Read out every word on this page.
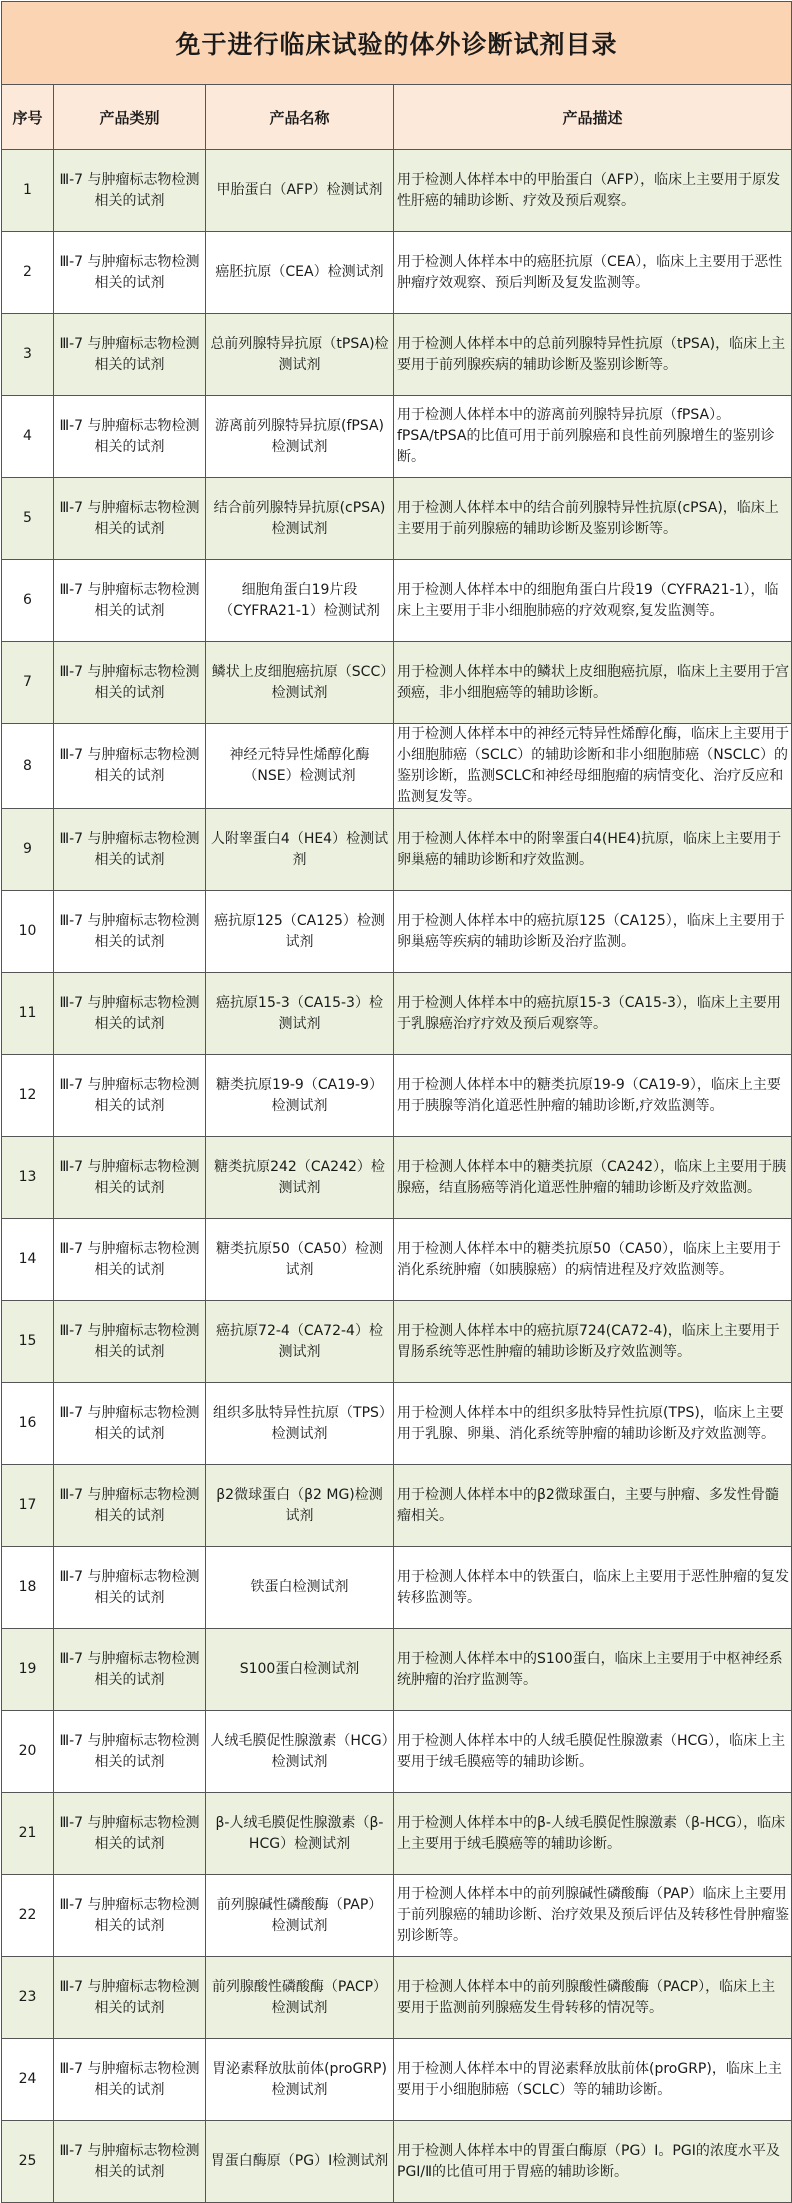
免于进行临床试验的体外诊断试剂目录			
序号	产品类别	产品名称	产品描述
1	Ⅲ-7 与肿瘤标志物检测相关的试剂	甲胎蛋白（AFP）检测试剂	用于检测人体样本中的甲胎蛋白（AFP），临床上主要用于原发性肝癌的辅助诊断、疗效及预后观察。
2	Ⅲ-7 与肿瘤标志物检测相关的试剂	癌胚抗原（CEA）检测试剂	用于检测人体样本中的癌胚抗原（CEA），临床上主要用于恶性肿瘤疗效观察、预后判断及复发监测等。
3	Ⅲ-7 与肿瘤标志物检测相关的试剂	总前列腺特异抗原（tPSA)检测试剂	用于检测人体样本中的总前列腺特异性抗原（tPSA)，临床上主要用于前列腺疾病的辅助诊断及鉴别诊断等。
4	Ⅲ-7 与肿瘤标志物检测相关的试剂	游离前列腺特异抗原(fPSA)检测试剂	用于检测人体样本中的游离前列腺特异抗原（fPSA）。fPSA/tPSA的比值可用于前列腺癌和良性前列腺增生的鉴别诊断。
5	Ⅲ-7 与肿瘤标志物检测相关的试剂	结合前列腺特异抗原(cPSA)检测试剂	用于检测人体样本中的结合前列腺特异性抗原(cPSA)，临床上主要用于前列腺癌的辅助诊断及鉴别诊断等。
6	Ⅲ-7 与肿瘤标志物检测相关的试剂	细胞角蛋白19片段（CYFRA21-1）检测试剂	用于检测人体样本中的细胞角蛋白片段19（CYFRA21-1），临床上主要用于非小细胞肺癌的疗效观察,复发监测等。
7	Ⅲ-7 与肿瘤标志物检测相关的试剂	鳞状上皮细胞癌抗原（SCC）检测试剂	用于检测人体样本中的鳞状上皮细胞癌抗原，临床上主要用于宫颈癌，非小细胞癌等的辅助诊断。
8	Ⅲ-7 与肿瘤标志物检测相关的试剂	神经元特异性烯醇化酶（NSE）检测试剂	用于检测人体样本中的神经元特异性烯醇化酶，临床上主要用于小细胞肺癌（SCLC）的辅助诊断和非小细胞肺癌（NSCLC）的鉴别诊断，监测SCLC和神经母细胞瘤的病情变化、治疗反应和监测复发等。
9	Ⅲ-7 与肿瘤标志物检测相关的试剂	人附睾蛋白4（HE4）检测试剂	用于检测人体样本中的附睾蛋白4(HE4)抗原，临床上主要用于卵巢癌的辅助诊断和疗效监测。
10	Ⅲ-7 与肿瘤标志物检测相关的试剂	癌抗原125（CA125）检测试剂	用于检测人体样本中的癌抗原125（CA125），临床上主要用于卵巢癌等疾病的辅助诊断及治疗监测。
11	Ⅲ-7 与肿瘤标志物检测相关的试剂	癌抗原15-3（CA15-3）检测试剂	用于检测人体样本中的癌抗原15-3（CA15-3），临床上主要用于乳腺癌治疗疗效及预后观察等。
12	Ⅲ-7 与肿瘤标志物检测相关的试剂	糖类抗原19-9（CA19-9）检测试剂	用于检测人体样本中的糖类抗原19-9（CA19-9），临床上主要用于胰腺等消化道恶性肿瘤的辅助诊断,疗效监测等。
13	Ⅲ-7 与肿瘤标志物检测相关的试剂	糖类抗原242（CA242）检测试剂	用于检测人体样本中的糖类抗原（CA242），临床上主要用于胰腺癌，结直肠癌等消化道恶性肿瘤的辅助诊断及疗效监测。
14	Ⅲ-7 与肿瘤标志物检测相关的试剂	糖类抗原50（CA50）检测试剂	用于检测人体样本中的糖类抗原50（CA50），临床上主要用于消化系统肿瘤（如胰腺癌）的病情进程及疗效监测等。
15	Ⅲ-7 与肿瘤标志物检测相关的试剂	癌抗原72-4（CA72-4）检测试剂	用于检测人体样本中的癌抗原724(CA72-4)，临床上主要用于胃肠系统等恶性肿瘤的辅助诊断及疗效监测等。
16	Ⅲ-7 与肿瘤标志物检测相关的试剂	组织多肽特异性抗原（TPS）检测试剂	用于检测人体样本中的组织多肽特异性抗原(TPS)，临床上主要用于乳腺、卵巢、消化系统等肿瘤的辅助诊断及疗效监测等。
17	Ⅲ-7 与肿瘤标志物检测相关的试剂	β2微球蛋白（β2 MG)检测试剂	用于检测人体样本中的β2微球蛋白，主要与肿瘤、多发性骨髓瘤相关。
18	Ⅲ-7 与肿瘤标志物检测相关的试剂	铁蛋白检测试剂	用于检测人体样本中的铁蛋白，临床上主要用于恶性肿瘤的复发转移监测等。
19	Ⅲ-7 与肿瘤标志物检测相关的试剂	S100蛋白检测试剂	用于检测人体样本中的S100蛋白，临床上主要用于中枢神经系统肿瘤的治疗监测等。
20	Ⅲ-7 与肿瘤标志物检测相关的试剂	人绒毛膜促性腺激素（HCG）检测试剂	用于检测人体样本中的人绒毛膜促性腺激素（HCG），临床上主要用于绒毛膜癌等的辅助诊断。
21	Ⅲ-7 与肿瘤标志物检测相关的试剂	β-人绒毛膜促性腺激素（β-HCG）检测试剂	用于检测人体样本中的β-人绒毛膜促性腺激素（β-HCG），临床上主要用于绒毛膜癌等的辅助诊断。
22	Ⅲ-7 与肿瘤标志物检测相关的试剂	前列腺碱性磷酸酶（PAP）检测试剂	用于检测人体样本中的前列腺碱性磷酸酶（PAP）临床上主要用于前列腺癌的辅助诊断、治疗效果及预后评估及转移性骨肿瘤鉴别诊断等。
23	Ⅲ-7 与肿瘤标志物检测相关的试剂	前列腺酸性磷酸酶（PACP）检测试剂	用于检测人体样本中的前列腺酸性磷酸酶（PACP），临床上主要用于监测前列腺癌发生骨转移的情况等。
24	Ⅲ-7 与肿瘤标志物检测相关的试剂	胃泌素释放肽前体(proGRP)检测试剂	用于检测人体样本中的胃泌素释放肽前体(proGRP)，临床上主要用于小细胞肺癌（SCLC）等的辅助诊断。
25	Ⅲ-7 与肿瘤标志物检测相关的试剂	胃蛋白酶原（PG）Ⅰ检测试剂	用于检测人体样本中的胃蛋白酶原（PG）Ⅰ。PGⅠ的浓度水平及PGⅠ/Ⅱ的比值可用于胃癌的辅助诊断。
